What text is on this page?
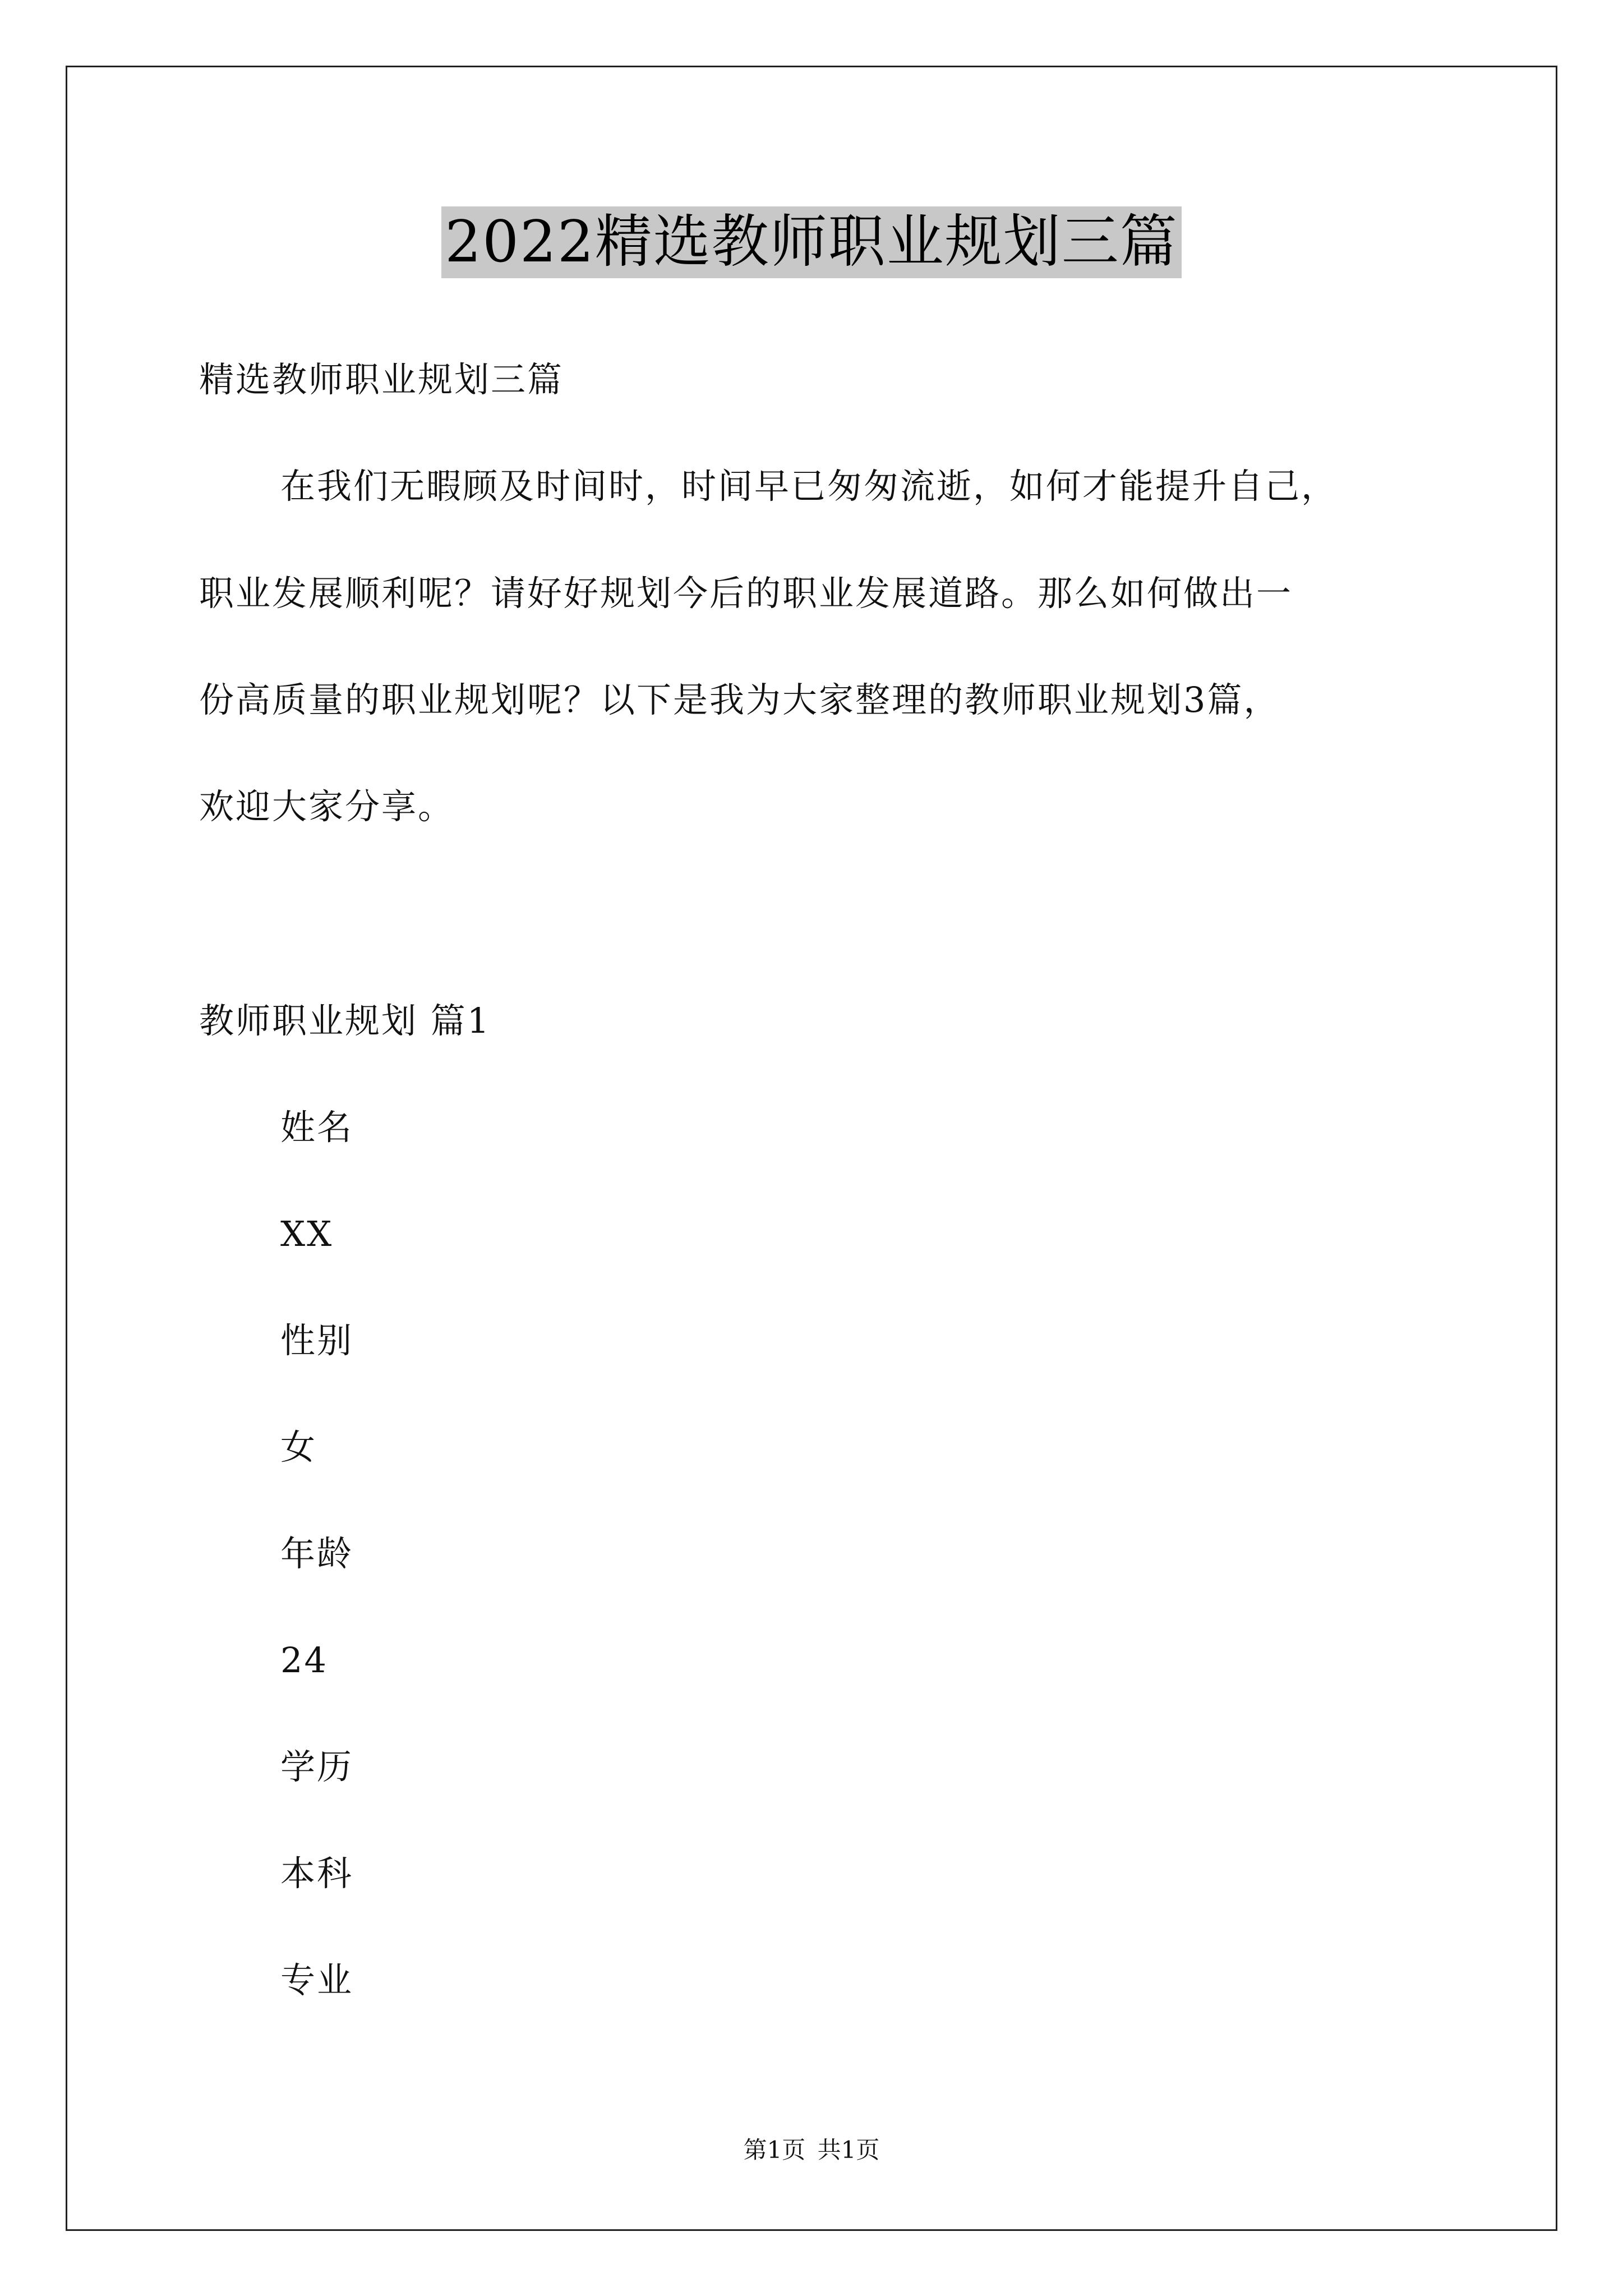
2022精选教师职业规划三篇
精选教师职业规划三篇
在我们无暇顾及时间时，时间早已匆匆流逝，如何才能提升自己，
职业发展顺利呢？请好好规划今后的职业发展道路。那么如何做出一
份高质量的职业规划呢？以下是我为大家整理的教师职业规划3篇，
欢迎大家分享。
教师职业规划 篇1
姓名
XX
性别
女
年龄
24
学历
本科
专业
第1页 共1页
